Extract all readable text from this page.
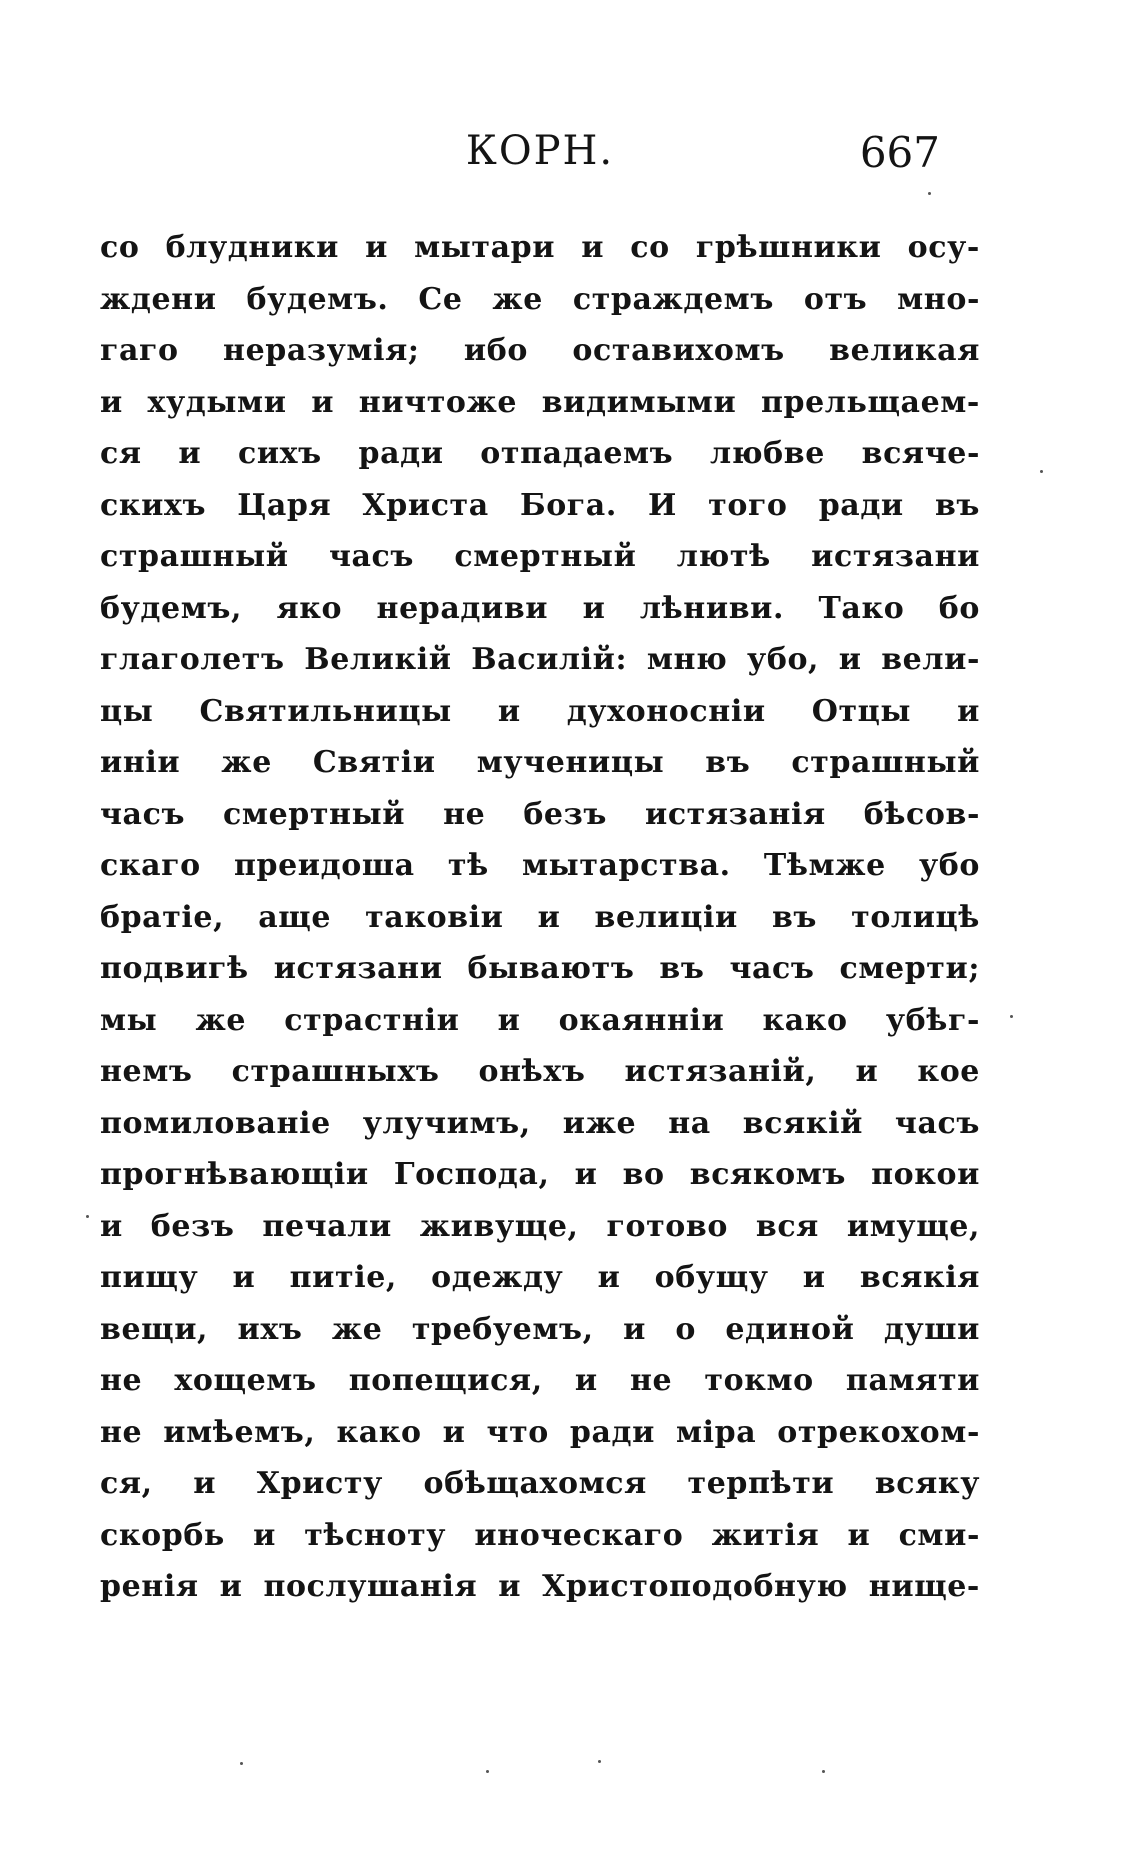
КОРН.	667
со блудники и мытари и со грѣшники осу-
ждени будемъ. Се же страждемъ отъ мно-
гаго неразумія; ибо оставихомъ великая
и худыми и ничтоже видимыми прельщаем-
ся и сихъ ради отпадаемъ любве всяче-
скихъ Царя Христа Бога. И того ради въ
страшный часъ смертный лютѣ истязани
будемъ, яко нерадиви и лѣниви. Тако бо
глаголетъ Великій Василій: мню убо, и вели-
цы Святильницы и духоносніи Отцы и
иніи же Святіи мученицы въ страшный
часъ смертный не безъ истязанія бѣсов-
скаго преидоша тѣ мытарства. Тѣмже убо
братіе, аще таковіи и велиціи въ толицѣ
подвигѣ истязани бываютъ въ часъ смерти;
мы же страстніи и окаянніи како убѣг-
немъ страшныхъ онѣхъ истязаній, и кое
помилованіе улучимъ, иже на всякій часъ
прогнѣвающіи Господа, и во всякомъ покои
и безъ печали живуще, готово вся имуще,
пищу и питіе, одежду и обущу и всякія
вещи, ихъ же требуемъ, и о единой души
не хощемъ попещися, и не токмо памяти
не имѣемъ, како и что ради міра отрекохом-
ся, и Христу обѣщахомся терпѣти всяку
скорбь и тѣсноту иноческаго житія и сми-
ренія и послушанія и Христоподобную нище-
